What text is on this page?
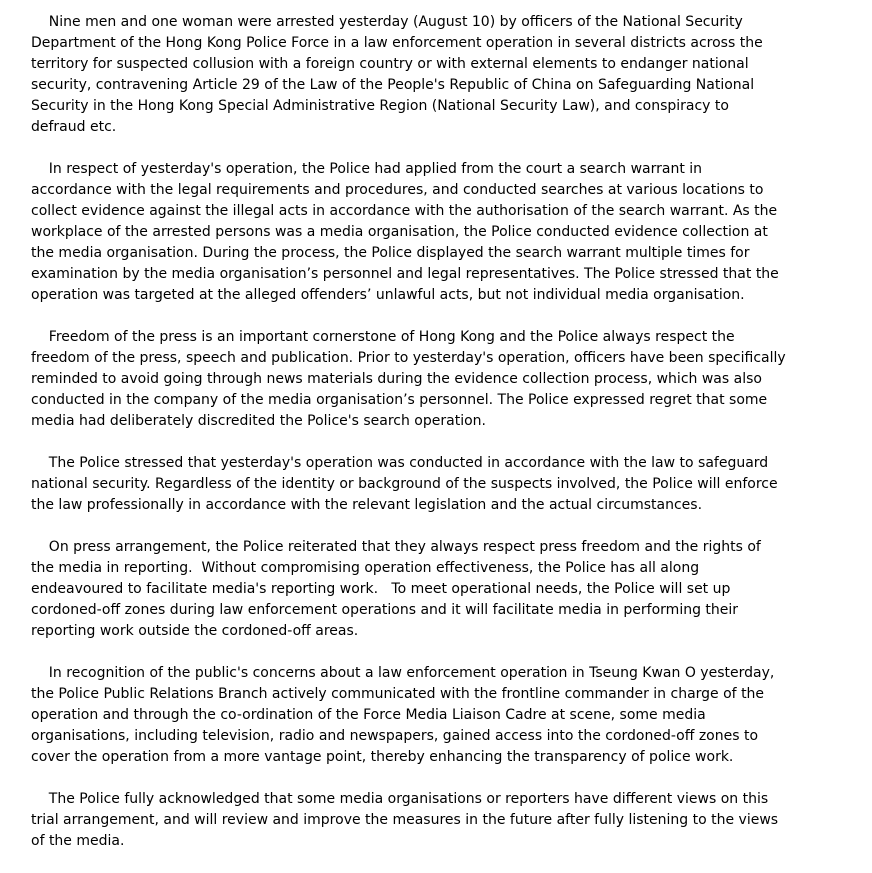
Nine men and one woman were arrested yesterday (August 10) by officers of the National Security
Department of the Hong Kong Police Force in a law enforcement operation in several districts across the
territory for suspected collusion with a foreign country or with external elements to endanger national
security, contravening Article 29 of the Law of the People's Republic of China on Safeguarding National
Security in the Hong Kong Special Administrative Region (National Security Law), and conspiracy to
defraud etc.

In respect of yesterday's operation, the Police had applied from the court a search warrant in
accordance with the legal requirements and procedures, and conducted searches at various locations to
collect evidence against the illegal acts in accordance with the authorisation of the search warrant. As the
workplace of the arrested persons was a media organisation, the Police conducted evidence collection at
the media organisation. During the process, the Police displayed the search warrant multiple times for
examination by the media organisation’s personnel and legal representatives. The Police stressed that the
operation was targeted at the alleged offenders’ unlawful acts, but not individual media organisation.

Freedom of the press is an important cornerstone of Hong Kong and the Police always respect the
freedom of the press, speech and publication. Prior to yesterday's operation, officers have been specifically
reminded to avoid going through news materials during the evidence collection process, which was also
conducted in the company of the media organisation’s personnel. The Police expressed regret that some
media had deliberately discredited the Police's search operation.

The Police stressed that yesterday's operation was conducted in accordance with the law to safeguard
national security. Regardless of the identity or background of the suspects involved, the Police will enforce
the law professionally in accordance with the relevant legislation and the actual circumstances.

On press arrangement, the Police reiterated that they always respect press freedom and the rights of
the media in reporting.  Without compromising operation effectiveness, the Police has all along
endeavoured to facilitate media's reporting work.   To meet operational needs, the Police will set up
cordoned-off zones during law enforcement operations and it will facilitate media in performing their
reporting work outside the cordoned-off areas.

In recognition of the public's concerns about a law enforcement operation in Tseung Kwan O yesterday,
the Police Public Relations Branch actively communicated with the frontline commander in charge of the
operation and through the co-ordination of the Force Media Liaison Cadre at scene, some media
organisations, including television, radio and newspapers, gained access into the cordoned-off zones to
cover the operation from a more vantage point, thereby enhancing the transparency of police work.

The Police fully acknowledged that some media organisations or reporters have different views on this
trial arrangement, and will review and improve the measures in the future after fully listening to the views
of the media.
